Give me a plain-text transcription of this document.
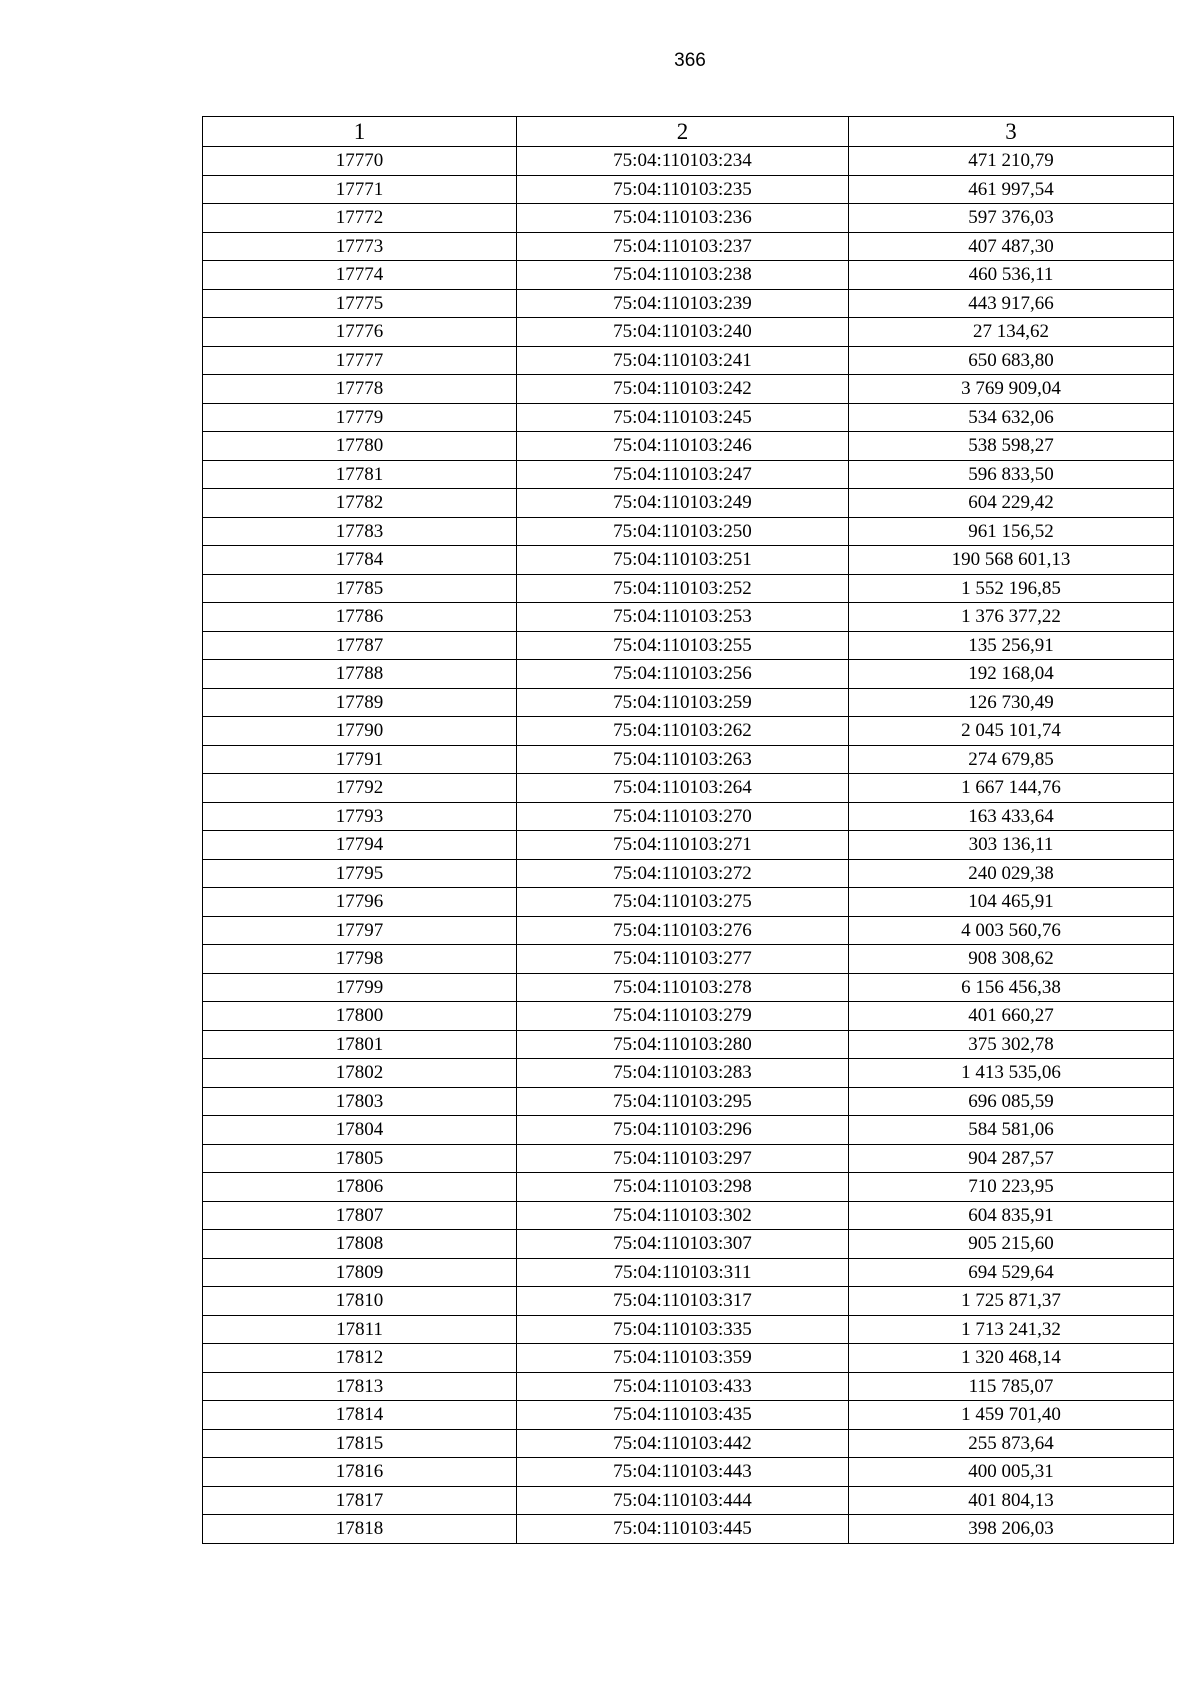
366
1	2	3
17770	75:04:110103:234	471 210,79
17771	75:04:110103:235	461 997,54
17772	75:04:110103:236	597 376,03
17773	75:04:110103:237	407 487,30
17774	75:04:110103:238	460 536,11
17775	75:04:110103:239	443 917,66
17776	75:04:110103:240	27 134,62
17777	75:04:110103:241	650 683,80
17778	75:04:110103:242	3 769 909,04
17779	75:04:110103:245	534 632,06
17780	75:04:110103:246	538 598,27
17781	75:04:110103:247	596 833,50
17782	75:04:110103:249	604 229,42
17783	75:04:110103:250	961 156,52
17784	75:04:110103:251	190 568 601,13
17785	75:04:110103:252	1 552 196,85
17786	75:04:110103:253	1 376 377,22
17787	75:04:110103:255	135 256,91
17788	75:04:110103:256	192 168,04
17789	75:04:110103:259	126 730,49
17790	75:04:110103:262	2 045 101,74
17791	75:04:110103:263	274 679,85
17792	75:04:110103:264	1 667 144,76
17793	75:04:110103:270	163 433,64
17794	75:04:110103:271	303 136,11
17795	75:04:110103:272	240 029,38
17796	75:04:110103:275	104 465,91
17797	75:04:110103:276	4 003 560,76
17798	75:04:110103:277	908 308,62
17799	75:04:110103:278	6 156 456,38
17800	75:04:110103:279	401 660,27
17801	75:04:110103:280	375 302,78
17802	75:04:110103:283	1 413 535,06
17803	75:04:110103:295	696 085,59
17804	75:04:110103:296	584 581,06
17805	75:04:110103:297	904 287,57
17806	75:04:110103:298	710 223,95
17807	75:04:110103:302	604 835,91
17808	75:04:110103:307	905 215,60
17809	75:04:110103:311	694 529,64
17810	75:04:110103:317	1 725 871,37
17811	75:04:110103:335	1 713 241,32
17812	75:04:110103:359	1 320 468,14
17813	75:04:110103:433	115 785,07
17814	75:04:110103:435	1 459 701,40
17815	75:04:110103:442	255 873,64
17816	75:04:110103:443	400 005,31
17817	75:04:110103:444	401 804,13
17818	75:04:110103:445	398 206,03
